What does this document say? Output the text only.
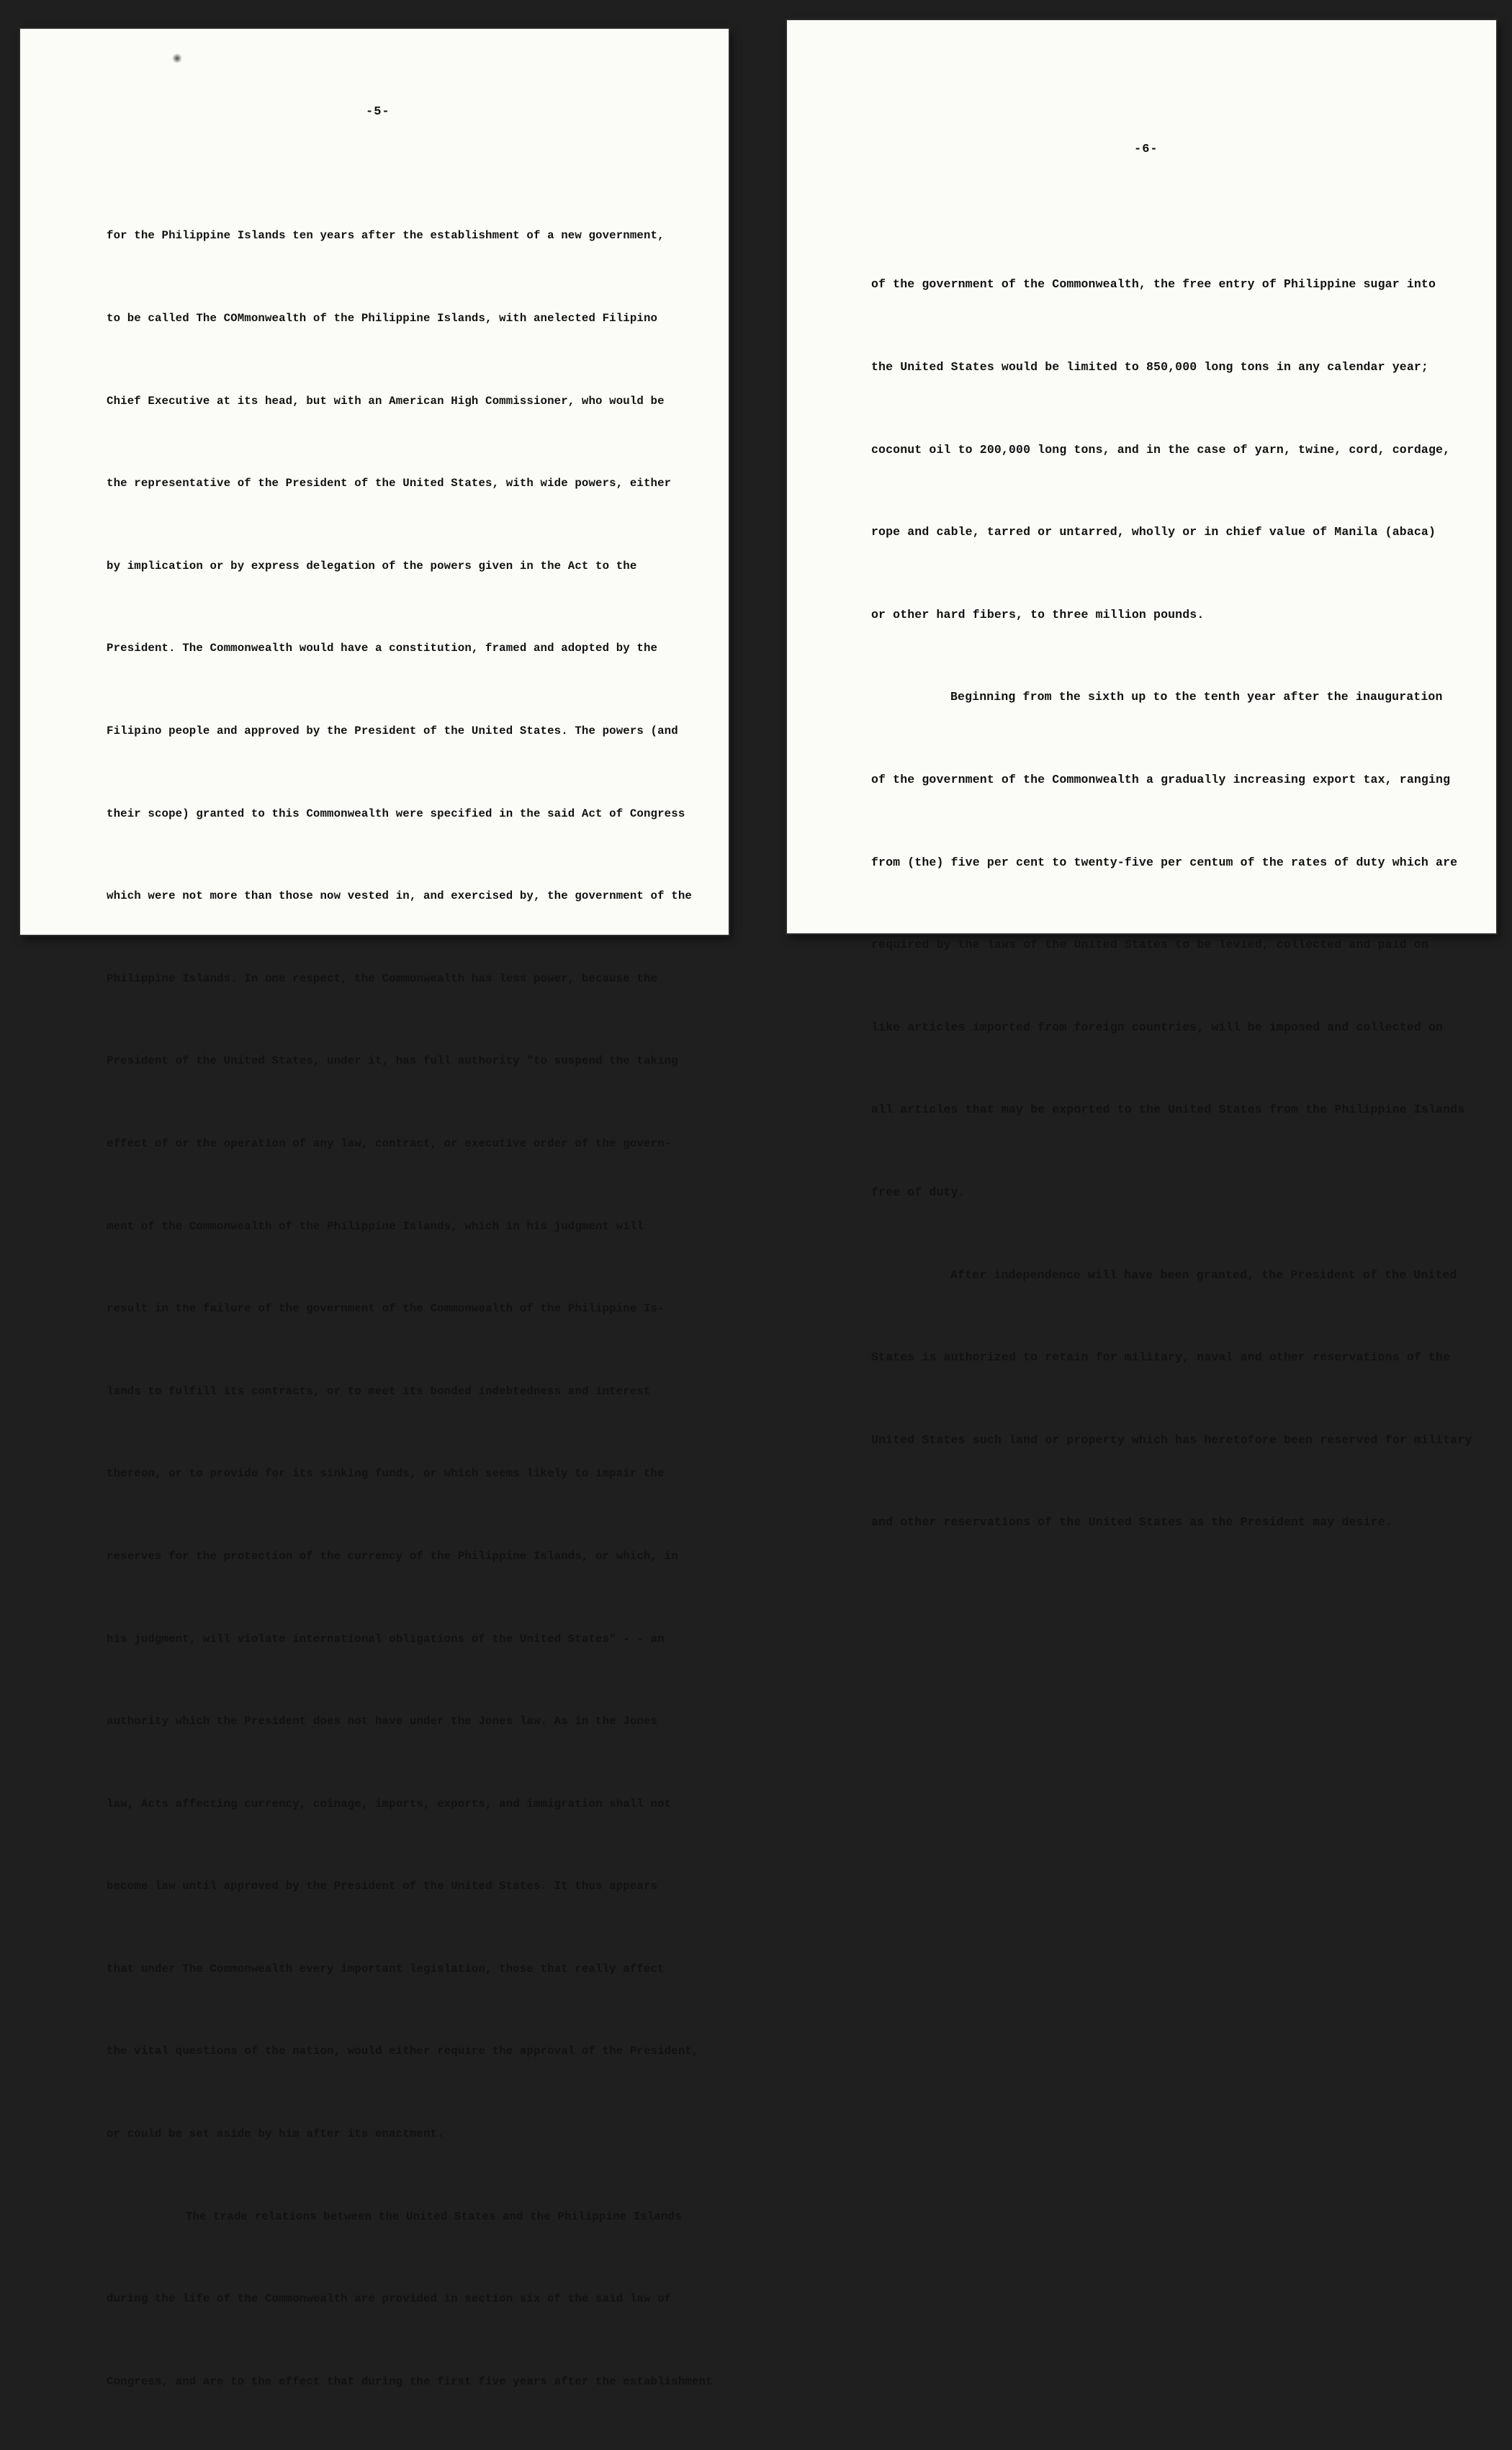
-5-

for the Philippine Islands ten years after the establishment of a new government,

to be called The COMmonwealth of the Philippine Islands, with anelected Filipino

Chief Executive at its head, but with an American High Commissioner, who would be

the representative of the President of the United States, with wide powers, either

by implication or by express delegation of the powers given in the Act to the

President. The Commonwealth would have a constitution, framed and adopted by the

Filipino people and approved by the President of the United States. The powers (and

their scope) granted to this Commonwealth were specified in the said Act of Congress

which were not more than those now vested in, and exercised by, the government of the

Philippine Islands. In one respect, the Commonwealth has less power, because the

President of the United States, under it, has full authority "to suspend the taking

effect of or the operation of any law, contract, or executive order of the govern-

ment of the Commonwealth of the Philippine Islands, which in his judgment will

result in the failure of the government of the Commonwealth of the Philippine Is-

lands to fulfill its contracts, or to meet its bonded indebtedness and interest

thereon, or to provide for its sinking funds, or which seems likely to impair the

reserves for the protection of the currency of the Philippine Islands, or which, in

his judgment, will violate international obligations of the United States" - - an

authority which the President does not have under the Jones law. As in the Jones

law, Acts affecting currency, coinage, imports, exports, and immigration shall not

become law until approved by the President of the United States. It thus appears

that under The Commonwealth every important legislation, those that really affect

the vital questions of the nation, would either require the approval of the President,

or could be set aside by him after its enactment.

The trade relations between the United States and the Philippine Islands

during the life of the Commonwealth are provided in section six of the said law of

Congress, and are to the effect that during the first five years after the establishment

-6-

of the government of the Commonwealth, the free entry of Philippine sugar into

the United States would be limited to 850,000 long tons in any calendar year;

coconut oil to 200,000 long tons, and in the case of yarn, twine, cord, cordage,

rope and cable, tarred or untarred, wholly or in chief value of Manila (abaca)

or other hard fibers, to three million pounds.

Beginning from the sixth up to the tenth year after the inauguration

of the government of the Commonwealth a gradually increasing export tax, ranging

from (the) five per cent to twenty-five per centum of the rates of duty which are

required by the laws of the United States to be levied, collected and paid on

like articles imported from foreign countries, will be imposed and collected on

all articles that may be exported to the United States from the Philippine Islands

free of duty.

After independence will have been granted, the President of the United

States is authorized to retain for military, naval and other reservations of the

United States such land or property which has heretofore been reserved for military

and other reservations of the United States as the President may desire.
